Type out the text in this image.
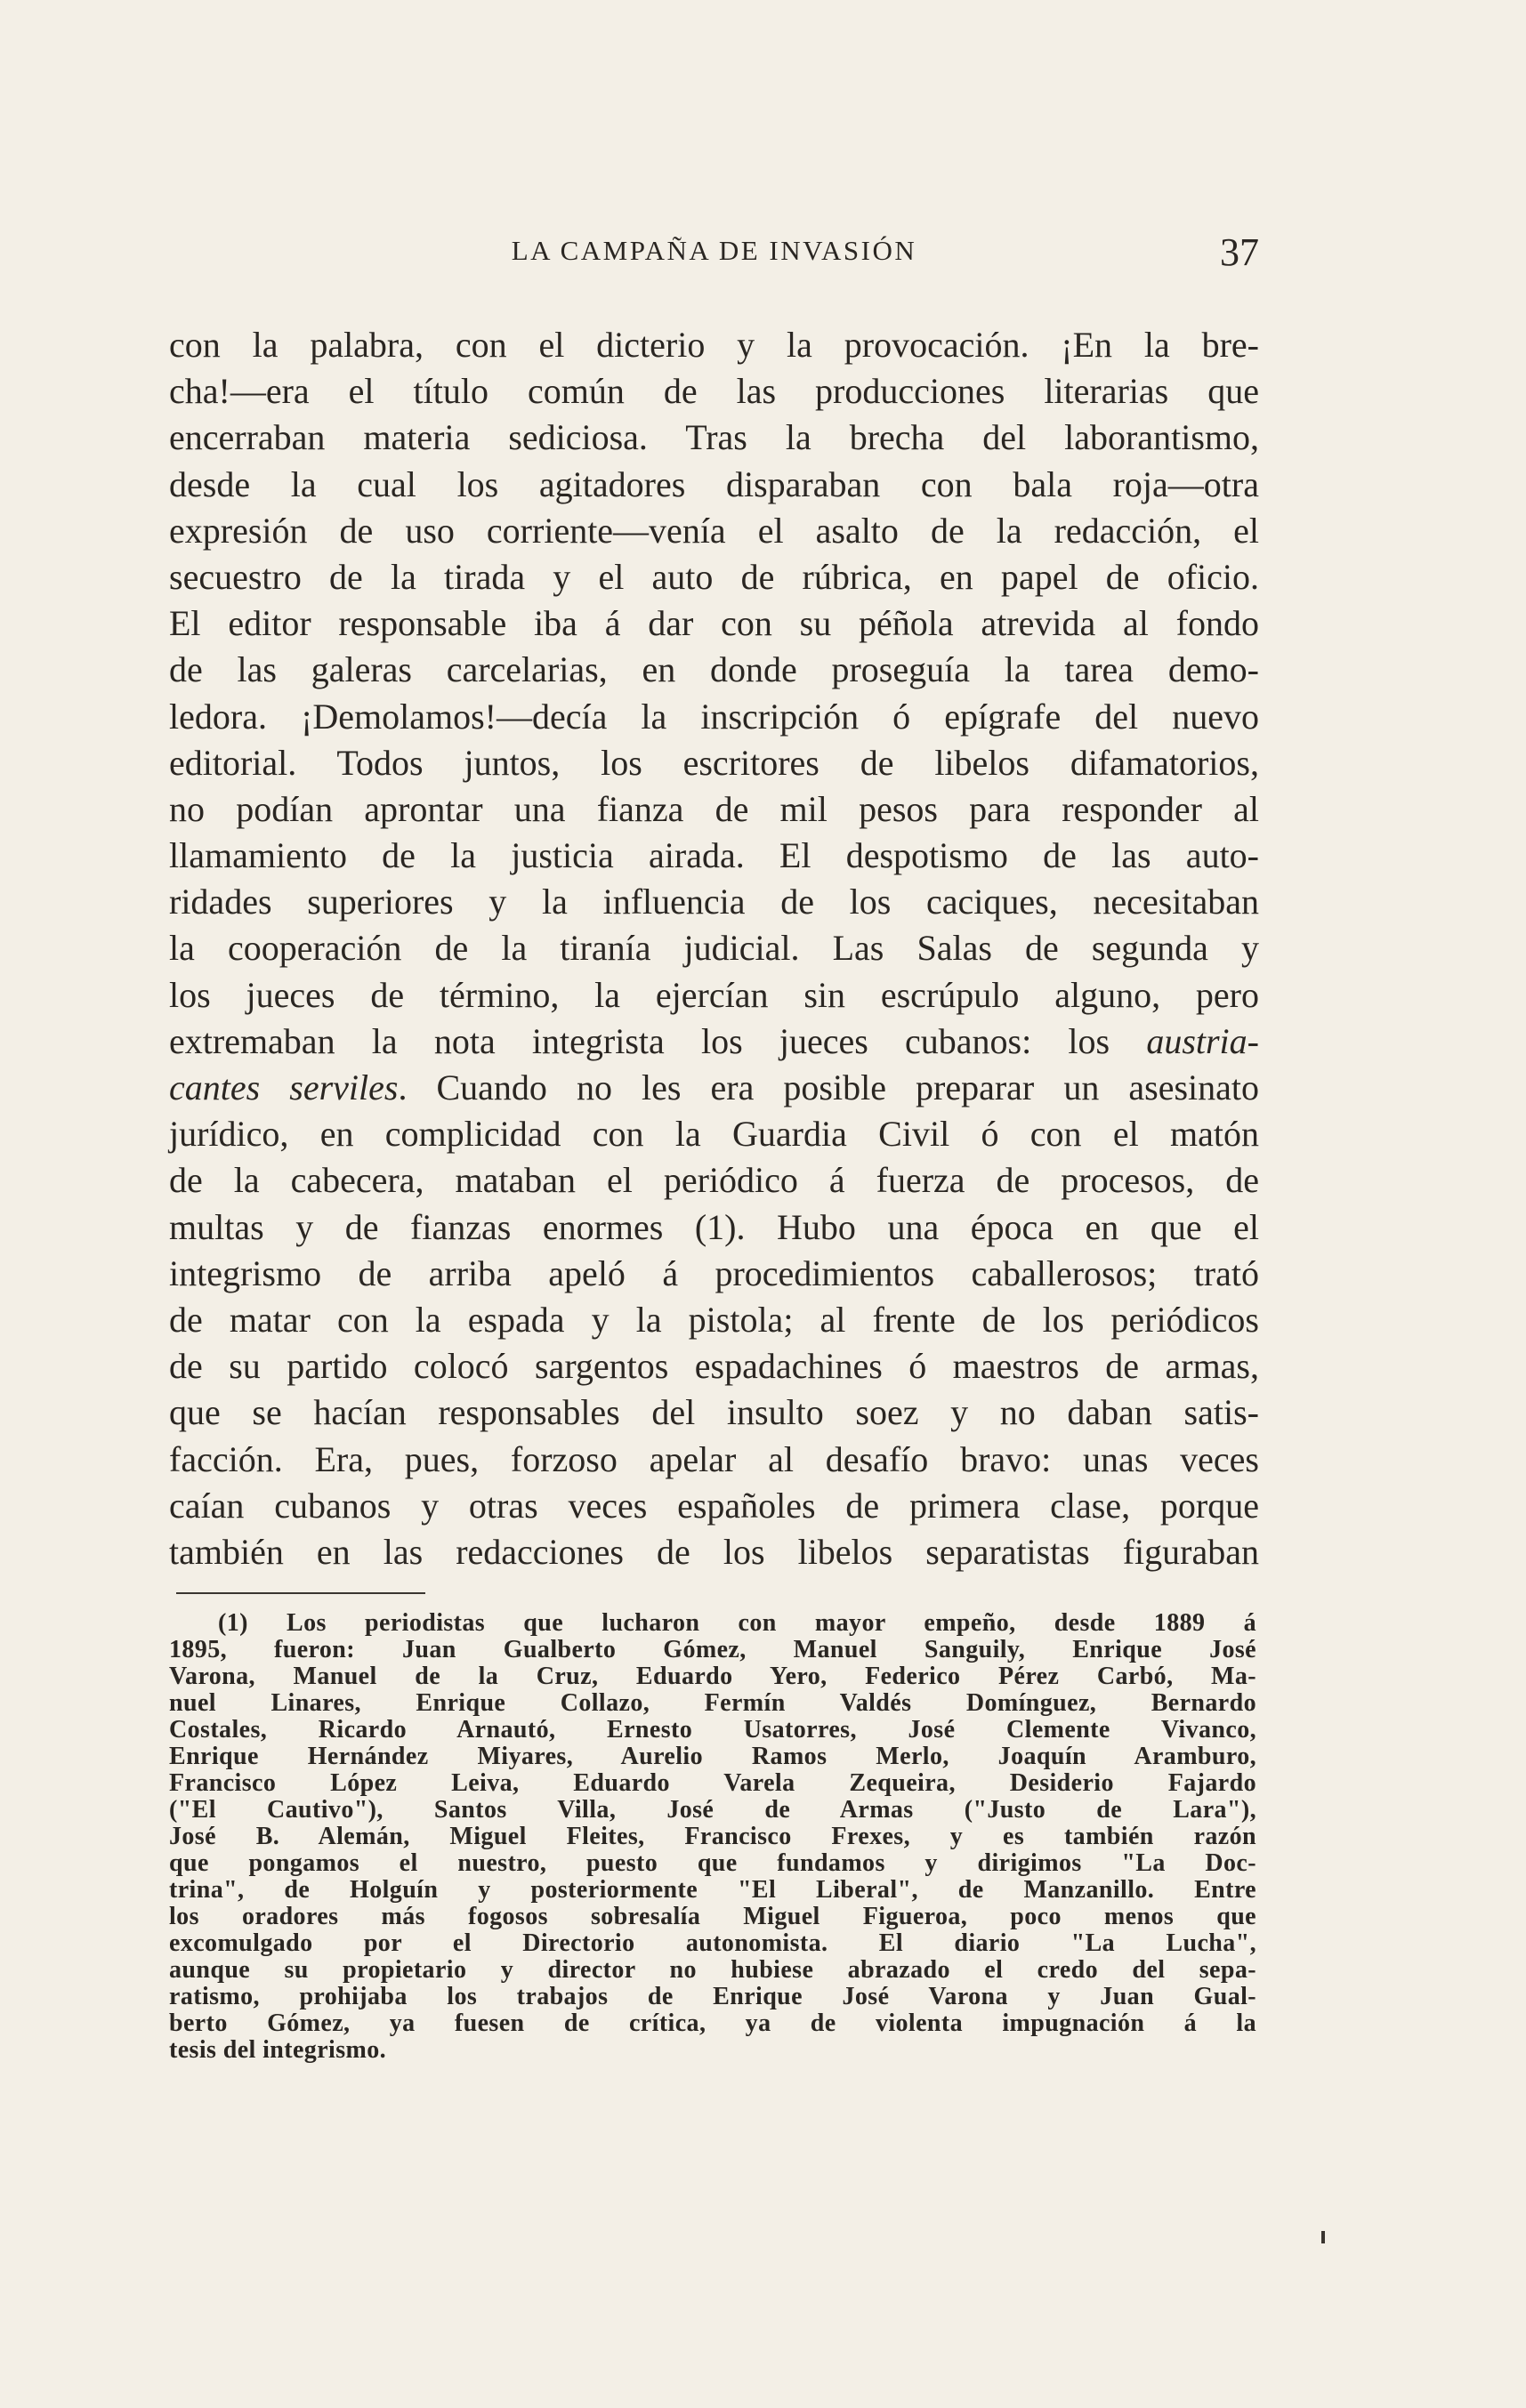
LA CAMPAÑA DE INVASIÓN	37
con la palabra, con el dicterio y la provocación. ¡En la bre-
cha!—era el título común de las producciones literarias que
encerraban materia sediciosa. Tras la brecha del laborantismo,
desde la cual los agitadores disparaban con bala roja—otra
expresión de uso corriente—venía el asalto de la redacción, el
secuestro de la tirada y el auto de rúbrica, en papel de oficio.
El editor responsable iba á dar con su péñola atrevida al fondo
de las galeras carcelarias, en donde proseguía la tarea demo-
ledora. ¡Demolamos!—decía la inscripción ó epígrafe del nuevo
editorial. Todos juntos, los escritores de libelos difamatorios,
no podían aprontar una fianza de mil pesos para responder al
llamamiento de la justicia airada. El despotismo de las auto-
ridades superiores y la influencia de los caciques, necesitaban
la cooperación de la tiranía judicial. Las Salas de segunda y
los jueces de término, la ejercían sin escrúpulo alguno, pero
extremaban la nota integrista los jueces cubanos: los austria-
cantes serviles. Cuando no les era posible preparar un asesinato
jurídico, en complicidad con la Guardia Civil ó con el matón
de la cabecera, mataban el periódico á fuerza de procesos, de
multas y de fianzas enormes (1). Hubo una época en que el
integrismo de arriba apeló á procedimientos caballerosos; trató
de matar con la espada y la pistola; al frente de los periódicos
de su partido colocó sargentos espadachines ó maestros de armas,
que se hacían responsables del insulto soez y no daban satis-
facción. Era, pues, forzoso apelar al desafío bravo: unas veces
caían cubanos y otras veces españoles de primera clase, porque
también en las redacciones de los libelos separatistas figuraban
(1) Los periodistas que lucharon con mayor empeño, desde 1889 á
1895, fueron: Juan Gualberto Gómez, Manuel Sanguily, Enrique José
Varona, Manuel de la Cruz, Eduardo Yero, Federico Pérez Carbó, Ma-
nuel Linares, Enrique Collazo, Fermín Valdés Domínguez, Bernardo
Costales, Ricardo Arnautó, Ernesto Usatorres, José Clemente Vivanco,
Enrique Hernández Miyares, Aurelio Ramos Merlo, Joaquín Aramburo,
Francisco López Leiva, Eduardo Varela Zequeira, Desiderio Fajardo
("El Cautivo"), Santos Villa, José de Armas ("Justo de Lara"),
José B. Alemán, Miguel Fleites, Francisco Frexes, y es también razón
que pongamos el nuestro, puesto que fundamos y dirigimos "La Doc-
trina", de Holguín y posteriormente "El Liberal", de Manzanillo. Entre
los oradores más fogosos sobresalía Miguel Figueroa, poco menos que
excomulgado por el Directorio autonomista. El diario "La Lucha",
aunque su propietario y director no hubiese abrazado el credo del sepa-
ratismo, prohijaba los trabajos de Enrique José Varona y Juan Gual-
berto Gómez, ya fuesen de crítica, ya de violenta impugnación á la
tesis del integrismo.
